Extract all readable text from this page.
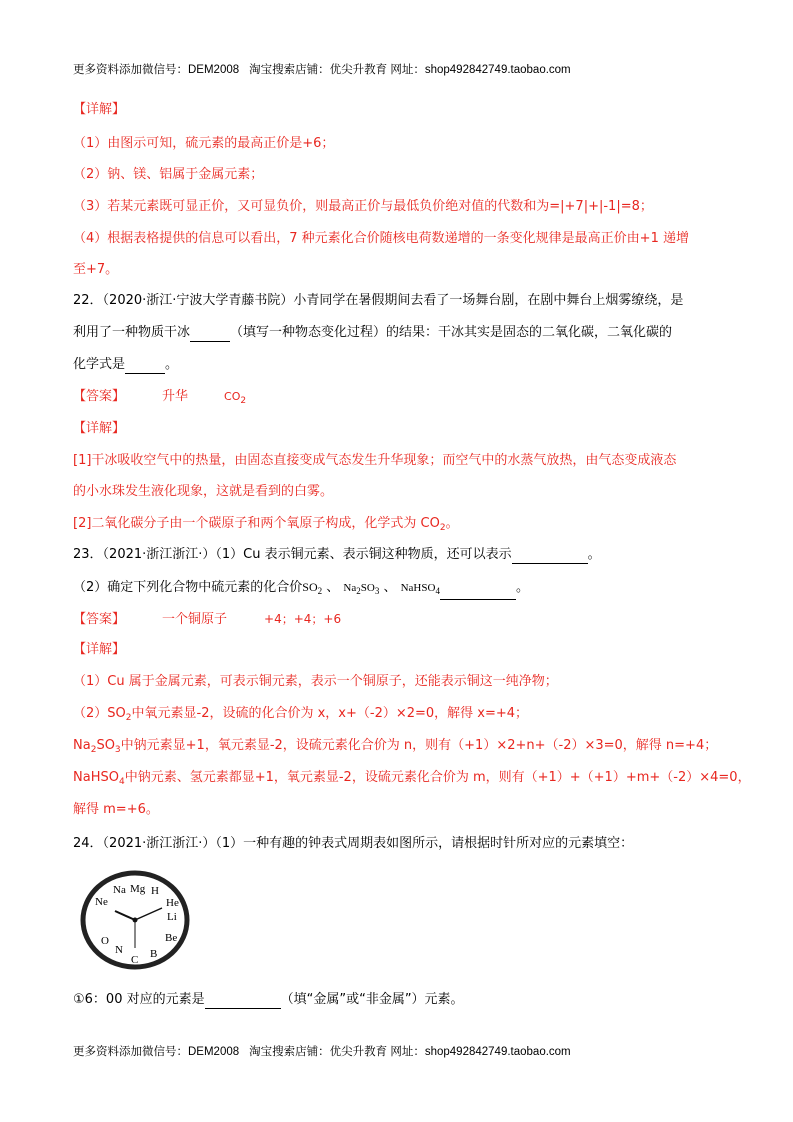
更多资料添加微信号：DEM2008 淘宝搜索店铺：优尖升教育 网址：shop492842749.taobao.com
【详解】
（1）由图示可知，硫元素的最高正价是+6；
（2）钠、镁、铝属于金属元素；
（3）若某元素既可显正价，又可显负价，则最高正价与最低负价绝对值的代数和为=|+7|+|-1|=8；
（4）根据表格提供的信息可以看出，7 种元素化合价随核电荷数递增的一条变化规律是最高正价由+1 递增
至+7。
22．（2020·浙江·宁波大学青藤书院）小青同学在暑假期间去看了一场舞台剧，在剧中舞台上烟雾缭绕，是
利用了一种物质干冰	（填写一种物态变化过程）的结果：干冰其实是固态的二氧化碳，二氧化碳的
化学式是	。
【答案】	升华	$CO_2$
【详解】
[1]干冰吸收空气中的热量，由固态直接变成气态发生升华现象；而空气中的水蒸气放热，由气态变成液态
的小水珠发生液化现象，这就是看到的白雾。
[2]二氧化碳分子由一个碳原子和两个氧原子构成，化学式为 $CO_2$。
23．（2021·浙江浙江·）（1）Cu 表示铜元素、表示铜这种物质，还可以表示	。
（2）确定下列化合物中硫元素的化合价$SO_2$ 、 $Na_2SO_3$ 、 NaHSO$_4$	。
【答案】	一个铜原子	+4；+4；+6
【详解】
（1）Cu 属于金属元素，可表示铜元素，表示一个铜原子，还能表示铜这一纯净物；
$(2)SO_2$中氧元素显-2，设硫的化合价为 x，x+（-2）×2=0，解得 x=+4；
$Na_2SO_3$中钠元素显+1，氧元素显-2，设硫元素化合价为 n，则有（+1）×2+n+（-2）×3=0，解得 n=+4；
NaHSO$_4$中钠元素、氢元素都显+1，氧元素显-2，设硫元素化合价为 m，则有（+1）+（+1）+m+（-2）×4=0，
解得 m=+6。
24．（2021·浙江浙江·）（1）一种有趣的钟表式周期表如图所示，请根据时针所对应的元素填空：
Mg
Na H
He
Ne
Li
Be
O
N B
C
①6：00 对应的元素是	（填“金属”或“非金属”）元素。
更多资料添加微信号：DEM2008 淘宝搜索店铺：优尖升教育 网址：shop492842749.taobao.com
